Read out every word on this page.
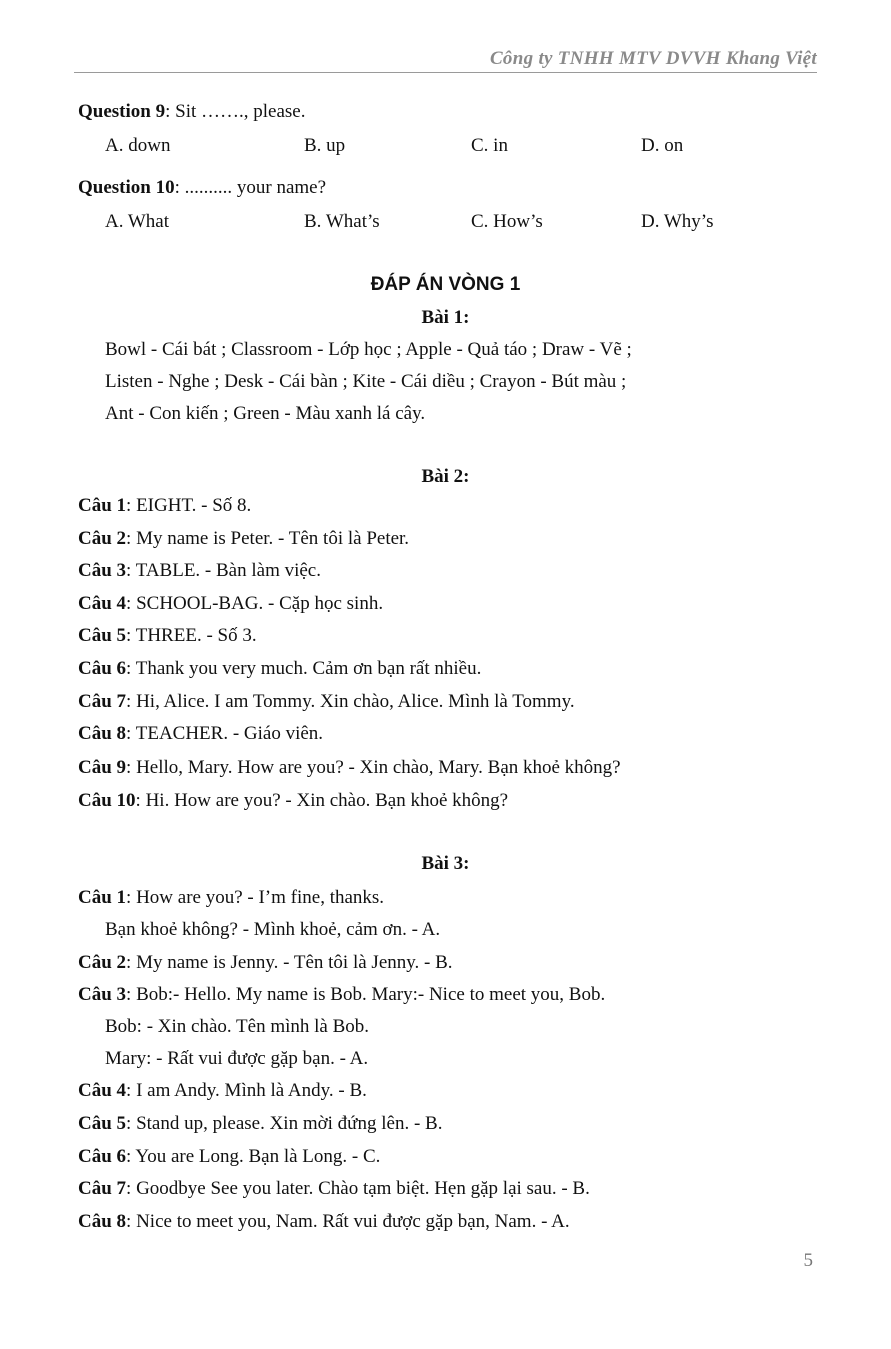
Công ty TNHH MTV DVVH Khang Việt
Question 9: Sit ……., please.
A. down	B. up	C. in	D. on
Question 10: .......... your name?
A. What	B. What’s	C. How’s	D. Why’s
ĐÁP ÁN VÒNG 1
Bài 1:
Bowl - Cái bát ; Classroom - Lớp học ; Apple - Quả táo ; Draw - Vẽ ;
Listen - Nghe ; Desk - Cái bàn ; Kite - Cái diều ; Crayon - Bút màu ;
Ant - Con kiến ; Green - Màu xanh lá cây.
Bài 2:
Câu 1: EIGHT. - Số 8.
Câu 2: My name is Peter. - Tên tôi là Peter.
Câu 3: TABLE. - Bàn làm việc.
Câu 4: SCHOOL-BAG. - Cặp học sinh.
Câu 5: THREE. - Số 3.
Câu 6: Thank you very much. Cảm ơn bạn rất nhiều.
Câu 7: Hi, Alice. I am Tommy. Xin chào, Alice. Mình là Tommy.
Câu 8: TEACHER. - Giáo viên.
Câu 9: Hello, Mary. How are you? - Xin chào, Mary. Bạn khoẻ không?
Câu 10: Hi. How are you? - Xin chào. Bạn khoẻ không?
Bài 3:
Câu 1: How are you? - I’m fine, thanks.
Bạn khoẻ không? - Mình khoẻ, cảm ơn. - A.
Câu 2: My name is Jenny. - Tên tôi là Jenny. - B.
Câu 3: Bob:- Hello. My name is Bob. Mary:- Nice to meet you, Bob.
Bob: - Xin chào. Tên mình là Bob.
Mary: - Rất vui được gặp bạn. - A.
Câu 4: I am Andy. Mình là Andy. - B.
Câu 5: Stand up, please. Xin mời đứng lên. - B.
Câu 6: You are Long. Bạn là Long. - C.
Câu 7: Goodbye See you later. Chào tạm biệt. Hẹn gặp lại sau. - B.
Câu 8: Nice to meet you, Nam. Rất vui được gặp bạn, Nam. - A.
5
